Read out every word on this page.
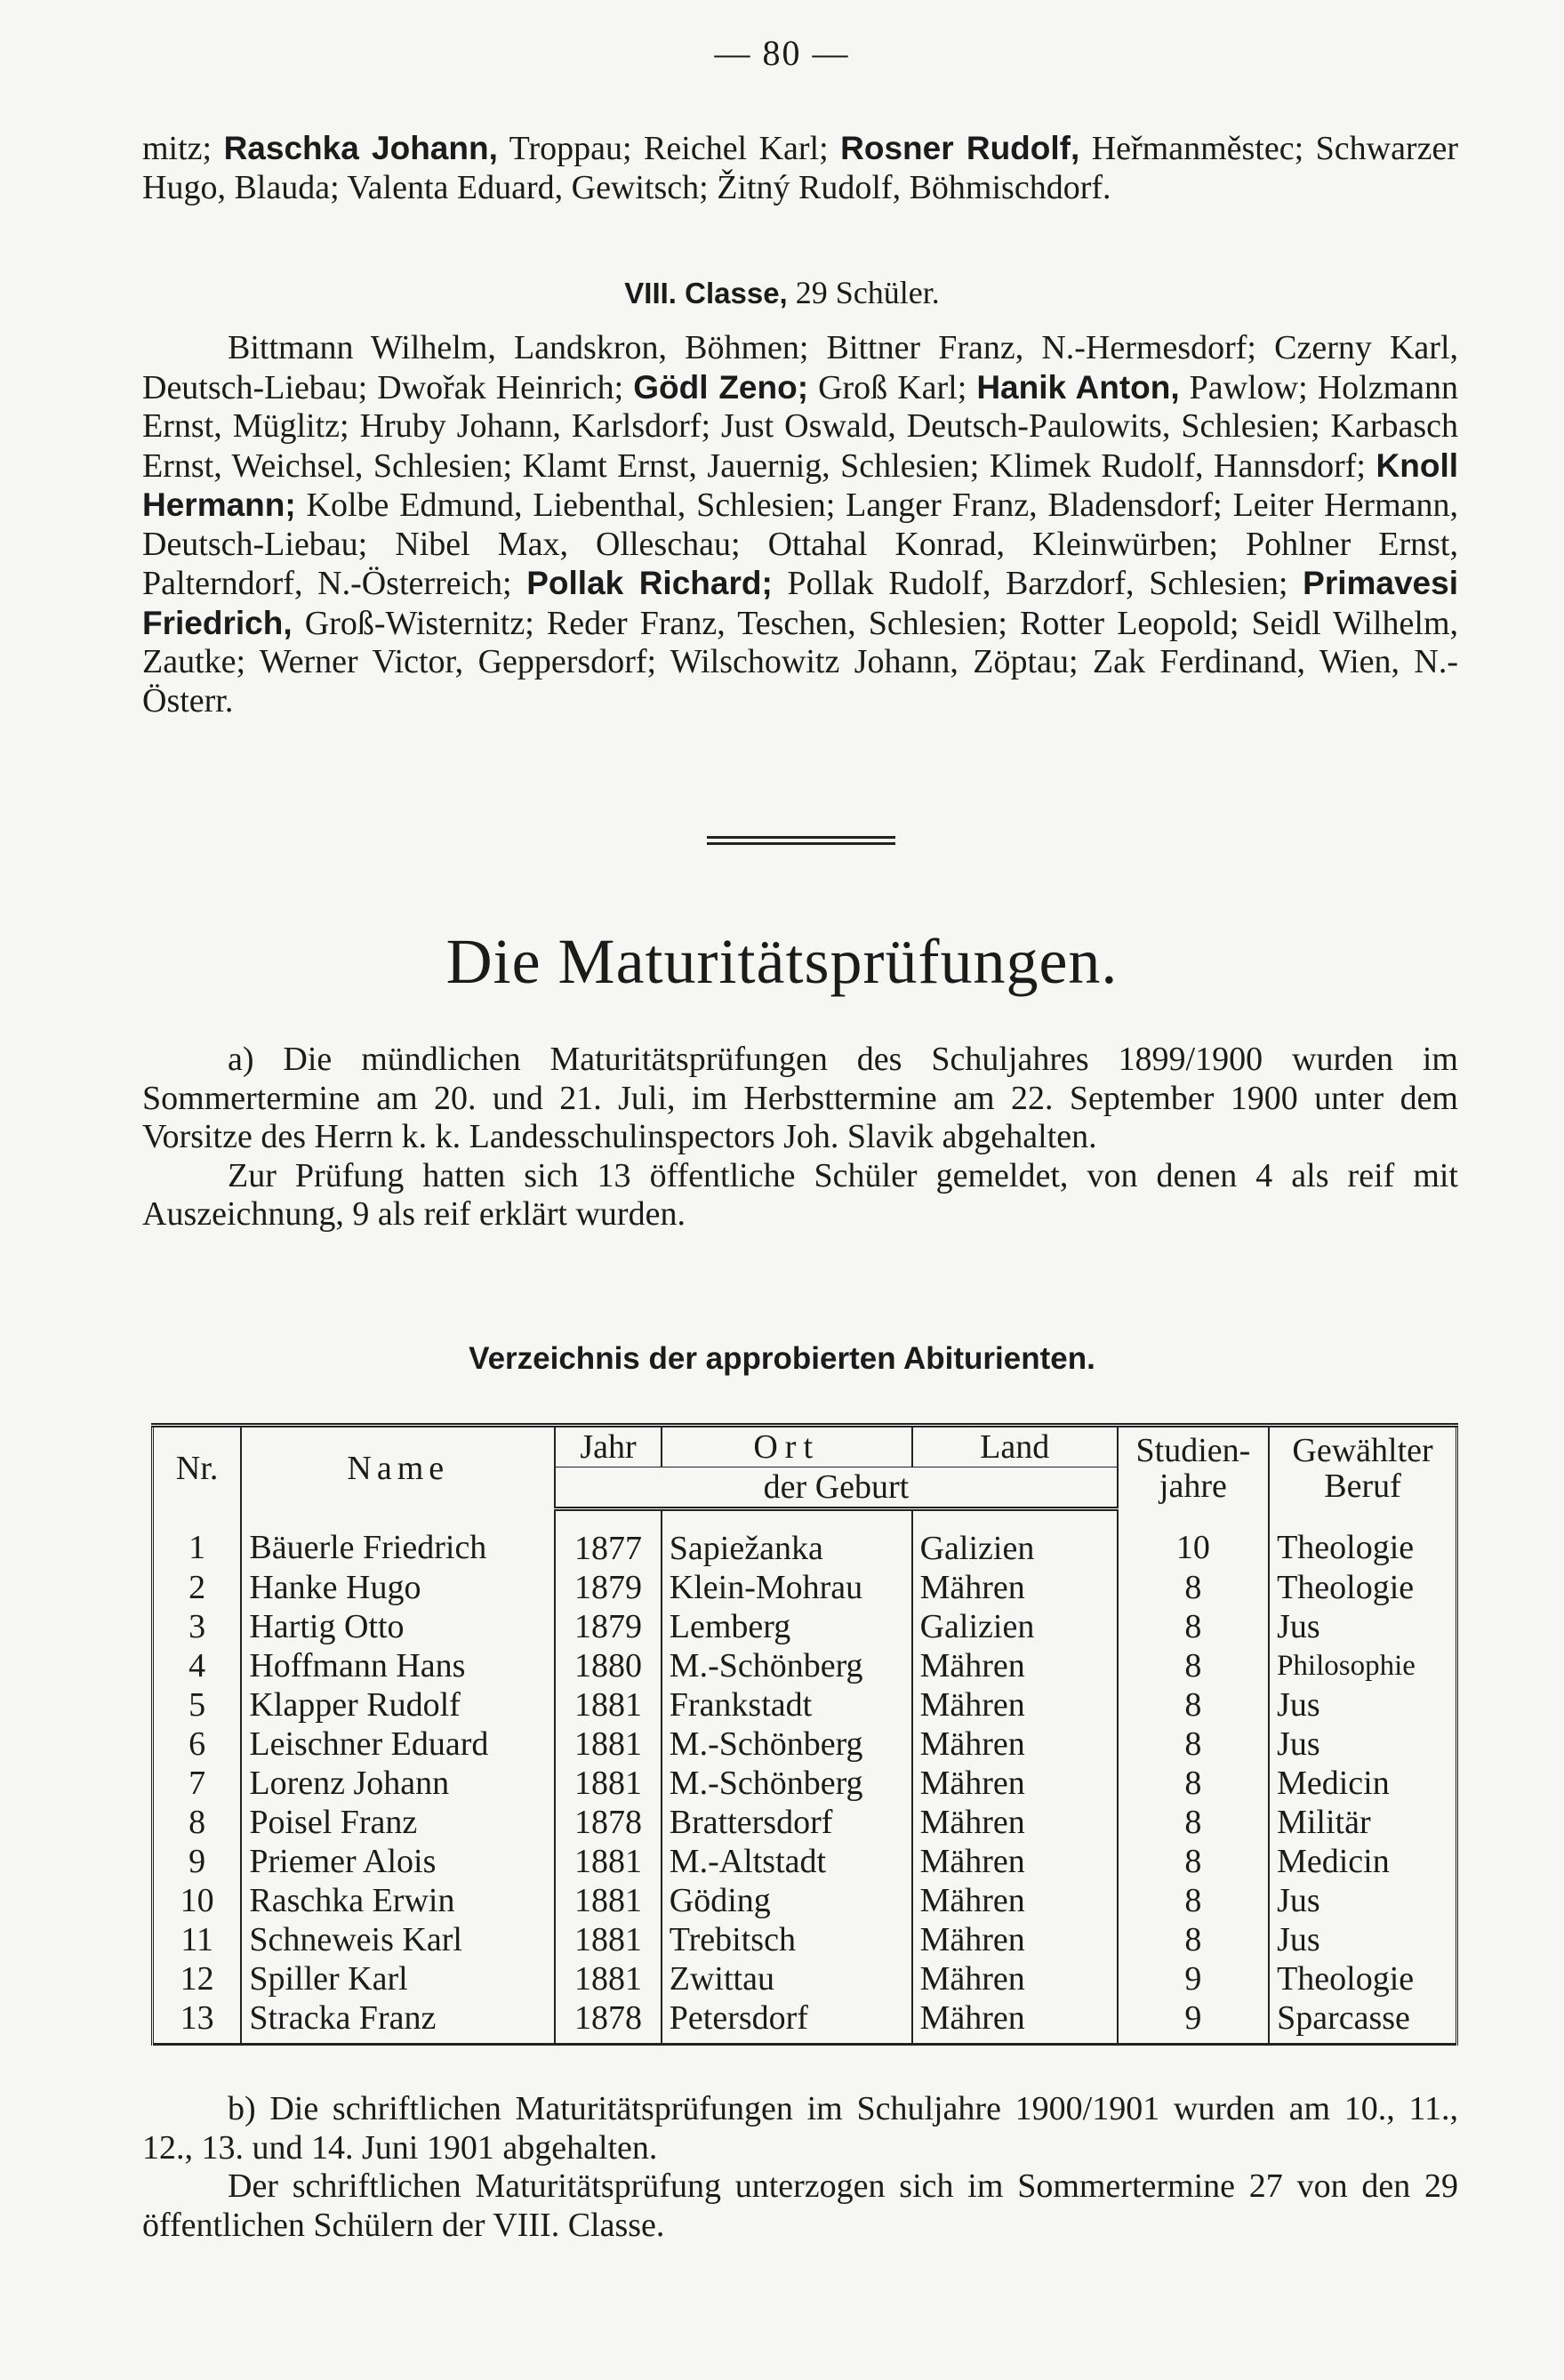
— 80 —

mitz; Raschka Johann, Troppau; Reichel Karl; Rosner Rudolf, Heřmanměstec; Schwarzer Hugo, Blauda; Valenta Eduard, Gewitsch; Žitný Rudolf, Böhmischdorf.

VIII. Classe, 29 Schüler.

Bittmann Wilhelm, Landskron, Böhmen; Bittner Franz, N.-Hermesdorf; Czerny Karl, Deutsch-Liebau; Dwořak Heinrich; Gödl Zeno; Groß Karl; Hanik Anton, Pawlow; Holzmann Ernst, Müglitz; Hruby Johann, Karlsdorf; Just Oswald, Deutsch-Paulowits, Schlesien; Karbasch Ernst, Weichsel, Schlesien; Klamt Ernst, Jauernig, Schlesien; Klimek Rudolf, Hannsdorf; Knoll Hermann; Kolbe Edmund, Liebenthal, Schlesien; Langer Franz, Bladensdorf; Leiter Hermann, Deutsch-Liebau; Nibel Max, Olleschau; Ottahal Konrad, Kleinwürben; Pohlner Ernst, Palterndorf, N.-Österreich; Pollak Richard; Pollak Rudolf, Barzdorf, Schlesien; Primavesi Friedrich, Groß-Wisternitz; Reder Franz, Teschen, Schlesien; Rotter Leopold; Seidl Wilhelm, Zautke; Werner Victor, Geppersdorf; Wilschowitz Johann, Zöptau; Zak Ferdinand, Wien, N.-Österr.

Die Maturitätsprüfungen.

a) Die mündlichen Maturitätsprüfungen des Schuljahres 1899/1900 wurden im Sommertermine am 20. und 21. Juli, im Herbsttermine am 22. September 1900 unter dem Vorsitze des Herrn k. k. Landesschulinspectors Joh. Slavik abgehalten.

Zur Prüfung hatten sich 13 öffentliche Schüler gemeldet, von denen 4 als reif mit Auszeichnung, 9 als reif erklärt wurden.

Verzeichnis der approbierten Abiturienten.
Nr.	Name	Jahr	Ort	Land	Studien-jahre	Gewählter Beruf
		der Geburt				
1	Bäuerle Friedrich	1877	Sapiežanka	Galizien	10	Theologie
2	Hanke Hugo	1879	Klein-Mohrau	Mähren	8	Theologie
3	Hartig Otto	1879	Lemberg	Galizien	8	Jus
4	Hoffmann Hans	1880	M.-Schönberg	Mähren	8	Philosophie
5	Klapper Rudolf	1881	Frankstadt	Mähren	8	Jus
6	Leischner Eduard	1881	M.-Schönberg	Mähren	8	Jus
7	Lorenz Johann	1881	M.-Schönberg	Mähren	8	Medicin
8	Poisel Franz	1878	Brattersdorf	Mähren	8	Militär
9	Priemer Alois	1881	M.-Altstadt	Mähren	8	Medicin
10	Raschka Erwin	1881	Göding	Mähren	8	Jus
11	Schneweis Karl	1881	Trebitsch	Mähren	8	Jus
12	Spiller Karl	1881	Zwittau	Mähren	9	Theologie
13	Stracka Franz	1878	Petersdorf	Mähren	9	Sparcasse

b) Die schriftlichen Maturitätsprüfungen im Schuljahre 1900/1901 wurden am 10., 11., 12., 13. und 14. Juni 1901 abgehalten.

Der schriftlichen Maturitätsprüfung unterzogen sich im Sommertermine 27 von den 29 öffentlichen Schülern der VIII. Classe.
